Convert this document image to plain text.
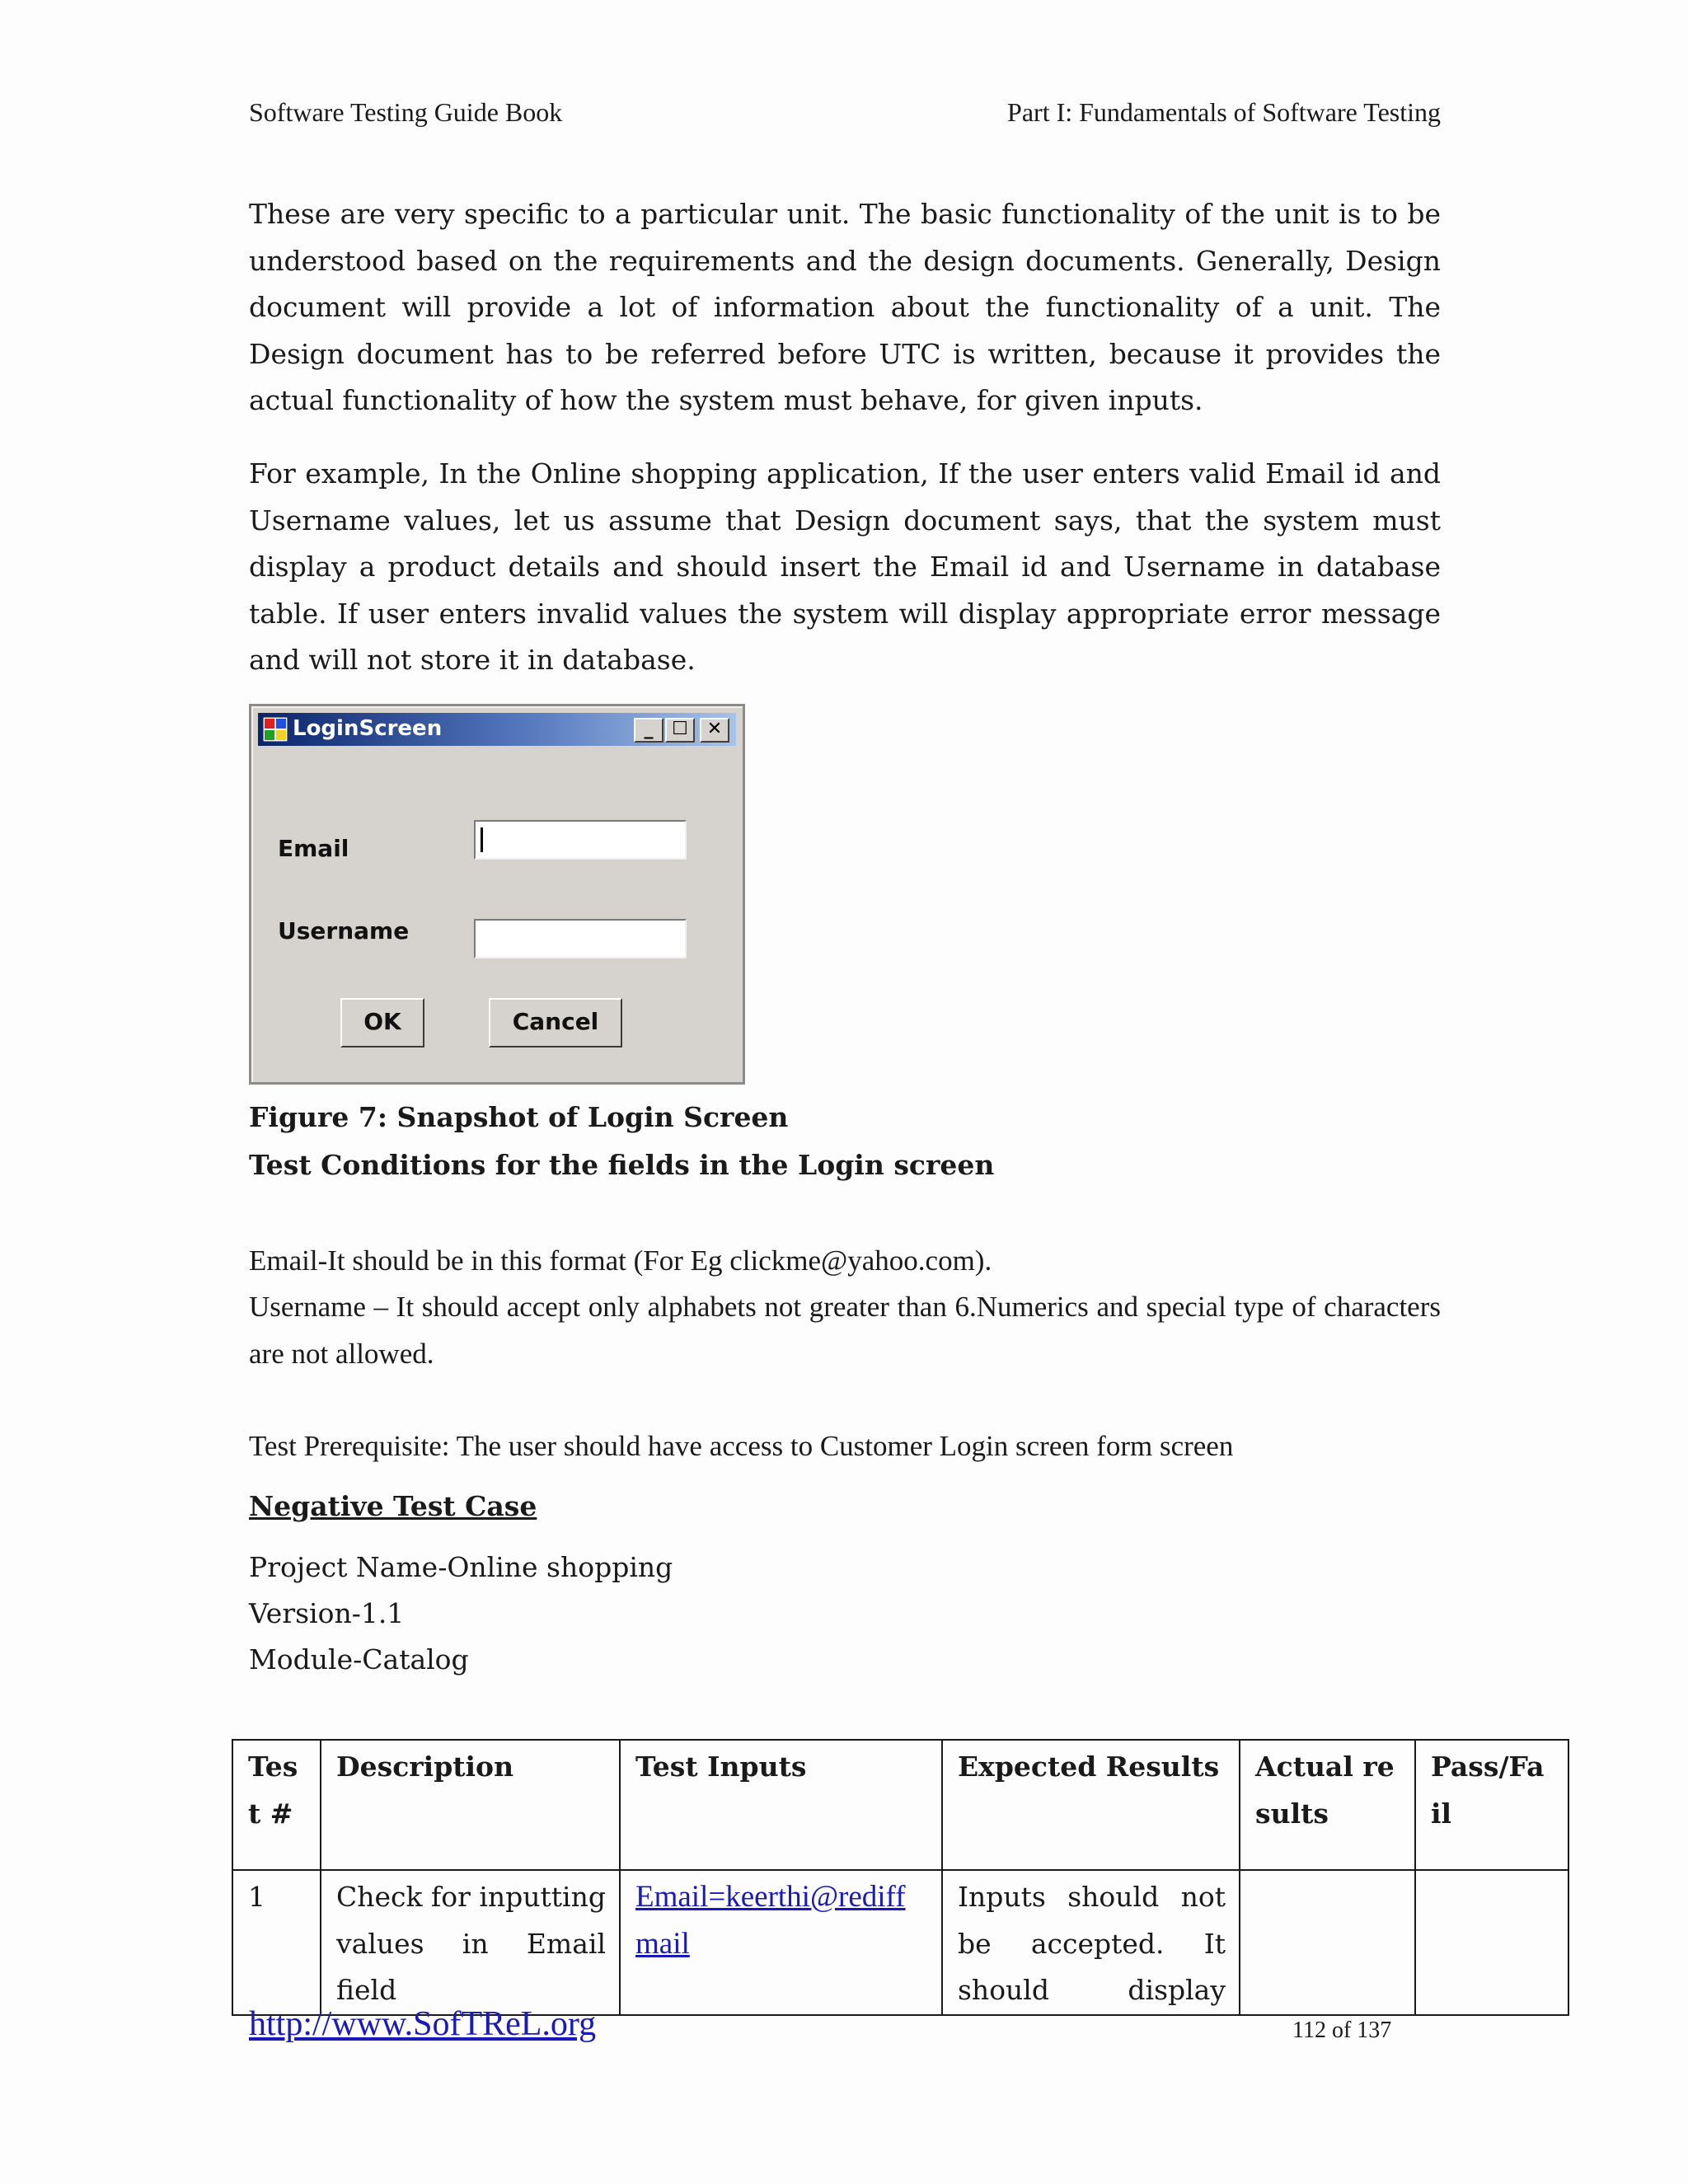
Software Testing Guide Book	Part I: Fundamentals of Software Testing

These are very specific to a particular unit. The basic functionality of the unit is to be understood based on the requirements and the design documents. Generally, Design document will provide a lot of information about the functionality of a unit. The Design document has to be referred before UTC is written, because it provides the actual functionality of how the system must behave, for given inputs.

For example, In the Online shopping application, If the user enters valid Email id and Username values, let us assume that Design document says, that the system must display a product details and should insert the Email id and Username in database table. If user enters invalid values the system will display appropriate error message and will not store it in database.

LoginScreen	_	☐	✕
Email
Username
OK	Cancel
Figure 7: Snapshot of Login Screen
Test Conditions for the fields in the Login screen
Email-It should be in this format (For Eg clickme@yahoo.com).

Username – It should accept only alphabets not greater than 6.Numerics and special type of characters are not allowed.

Test Prerequisite: The user should have access to Customer Login screen form screen
Negative Test Case
Project Name-Online shopping
Version-1.1
Module-Catalog
Test #	Description	Test Inputs	Expected Results	Actual results	Pass/Fail
1	Check for inputting values in Email field	Email=keerthi@rediffmail	Inputs should not be accepted. It should display		
http://www.SofTReL.org	112 of 137
